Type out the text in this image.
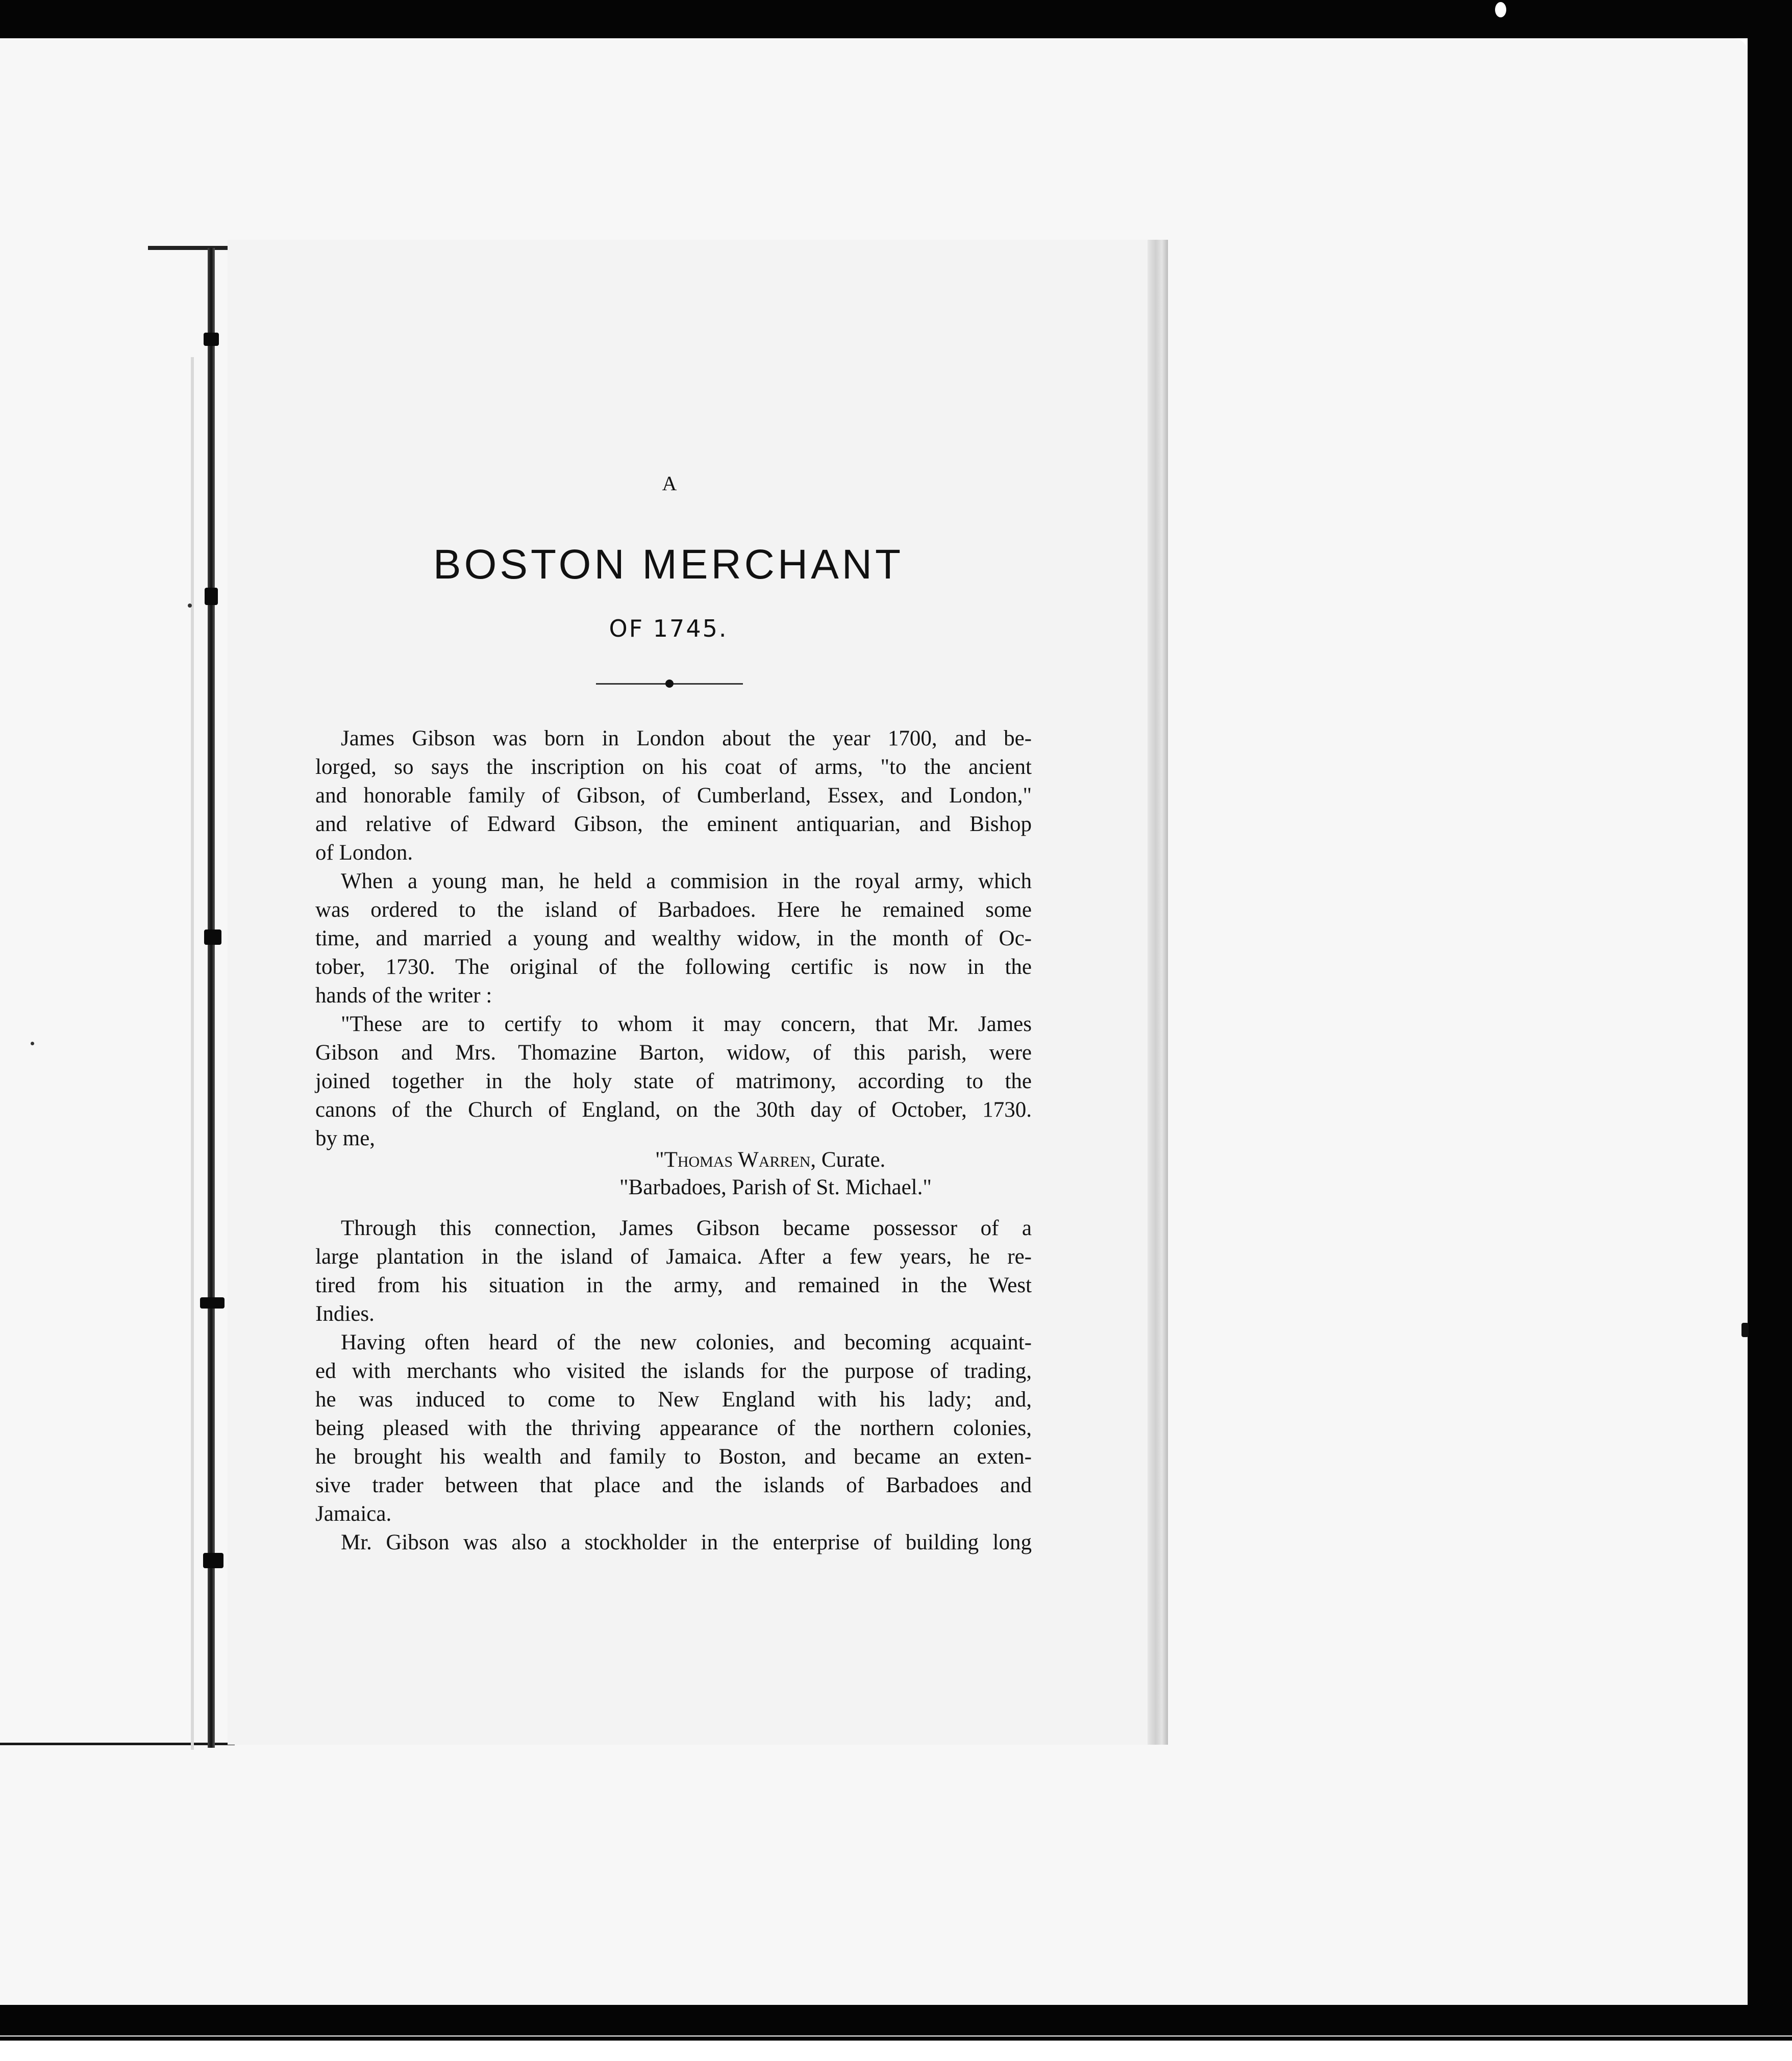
A
BOSTON MERCHANT
OF 1745.
James Gibson was born in London about the year 1700, and be-
lorged, so says the inscription on his coat of arms, "to the ancient
and honorable family of Gibson, of Cumberland, Essex, and London,"
and relative of Edward Gibson, the eminent antiquarian, and Bishop
of London.
When a young man, he held a commision in the royal army, which
was ordered to the island of Barbadoes. Here he remained some
time, and married a young and wealthy widow, in the month of Oc-
tober, 1730. The original of the following certific is now in the
hands of the writer :
"These are to certify to whom it may concern, that Mr. James
Gibson and Mrs. Thomazine Barton, widow, of this parish, were
joined together in the holy state of matrimony, according to the
canons of the Church of England, on the 30th day of October, 1730.
by me,
"Thomas Warren, Curate.
"Barbadoes, Parish of St. Michael."
Through this connection, James Gibson became possessor of a
large plantation in the island of Jamaica. After a few years, he re-
tired from his situation in the army, and remained in the West
Indies.
Having often heard of the new colonies, and becoming acquaint-
ed with merchants who visited the islands for the purpose of trading,
he was induced to come to New England with his lady; and,
being pleased with the thriving appearance of the northern colonies,
he brought his wealth and family to Boston, and became an exten-
sive trader between that place and the islands of Barbadoes and
Jamaica.
Mr. Gibson was also a stockholder in the enterprise of building long
